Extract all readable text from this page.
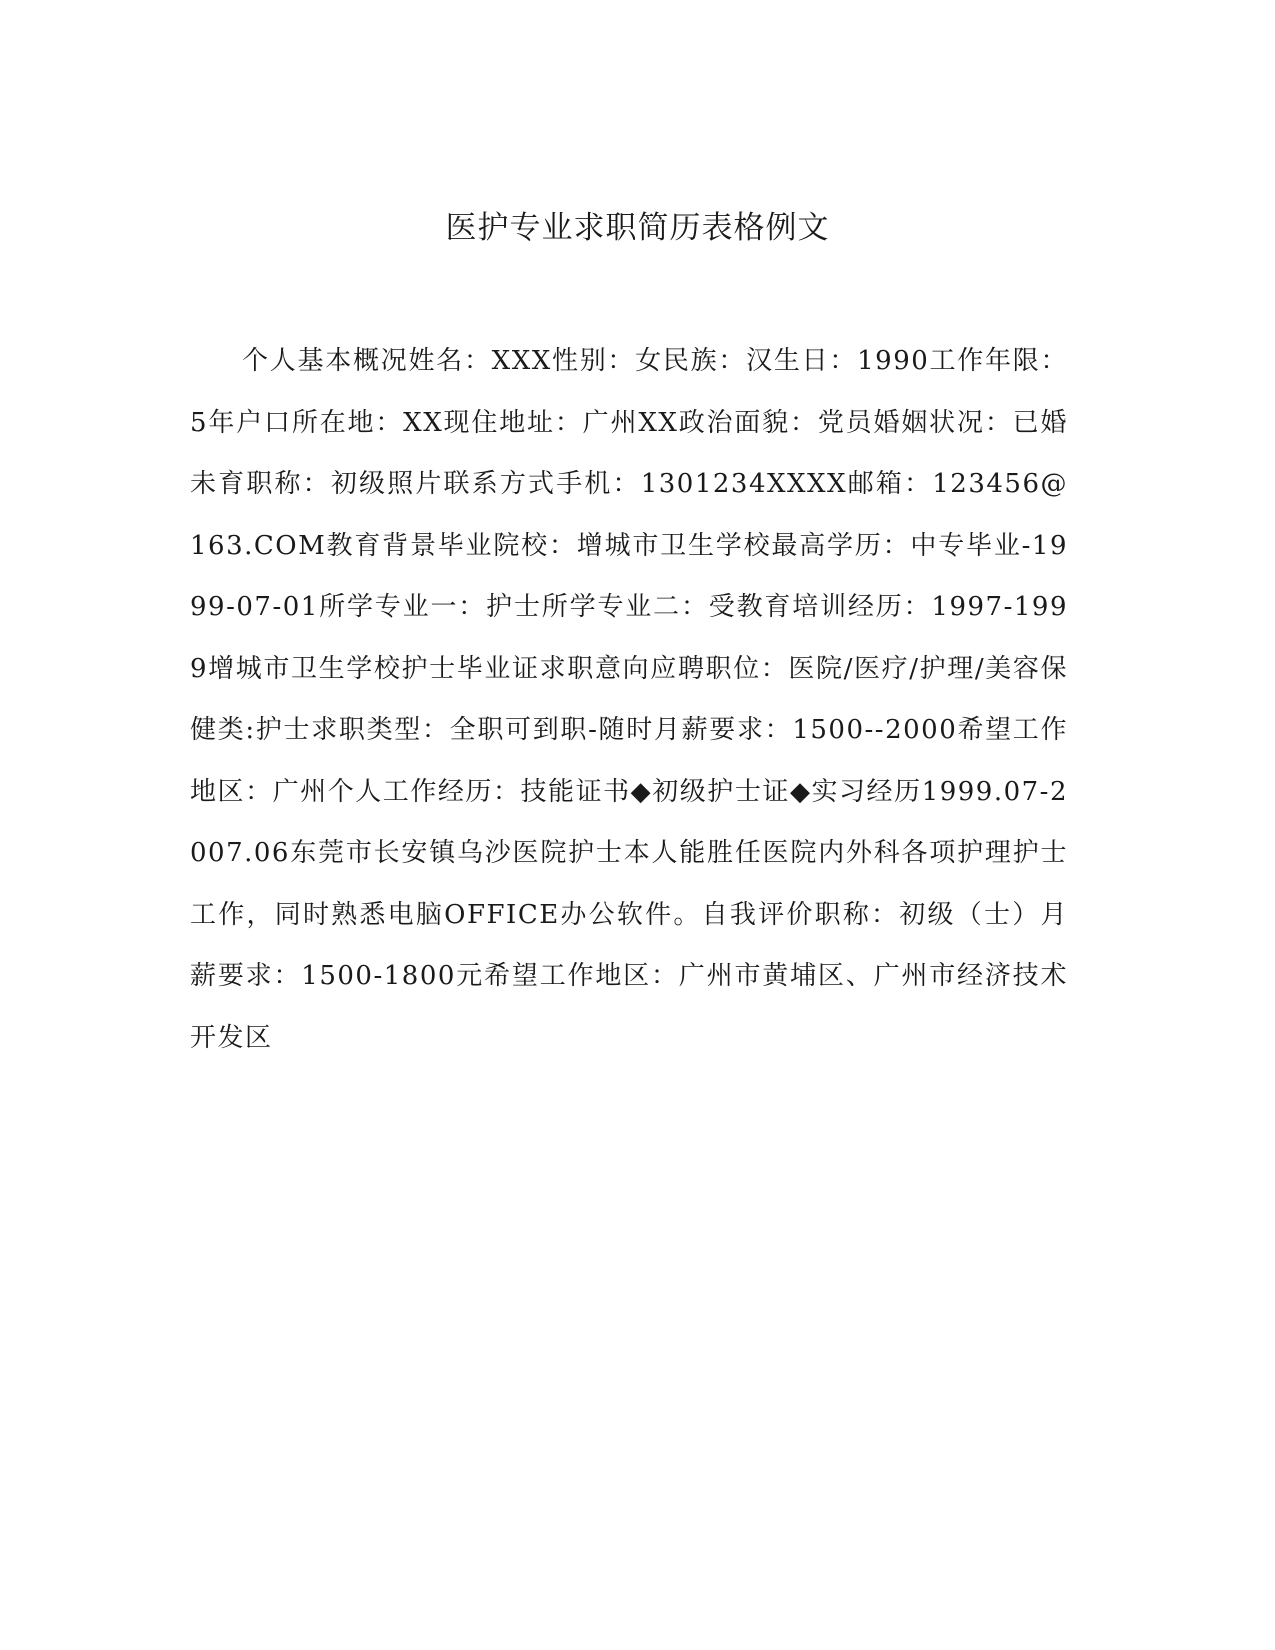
医护专业求职简历表格例文

个人基本概况姓名：XXX性别：女民族：汉生日：1990工作年限：5年户口所在地：XX现住地址：广州XX政治面貌：党员婚姻状况：已婚未育职称：初级照片联系方式手机：1301234XXXX邮箱：123456@163.COM教育背景毕业院校：增城市卫生学校最高学历：中专毕业-1999-07-01所学专业一：护士所学专业二：受教育培训经历：1997-1999增城市卫生学校护士毕业证求职意向应聘职位：医院/医疗/护理/美容保健类:护士求职类型：全职可到职-随时月薪要求：1500--2000希望工作地区：广州个人工作经历：技能证书◆初级护士证◆实习经历1999.07-2007.06东莞市长安镇乌沙医院护士本人能胜任医院内外科各项护理护士工作，同时熟悉电脑OFFICE办公软件。自我评价职称：初级（士）月薪要求：1500-1800元希望工作地区：广州市黄埔区、广州市经济技术开发区
